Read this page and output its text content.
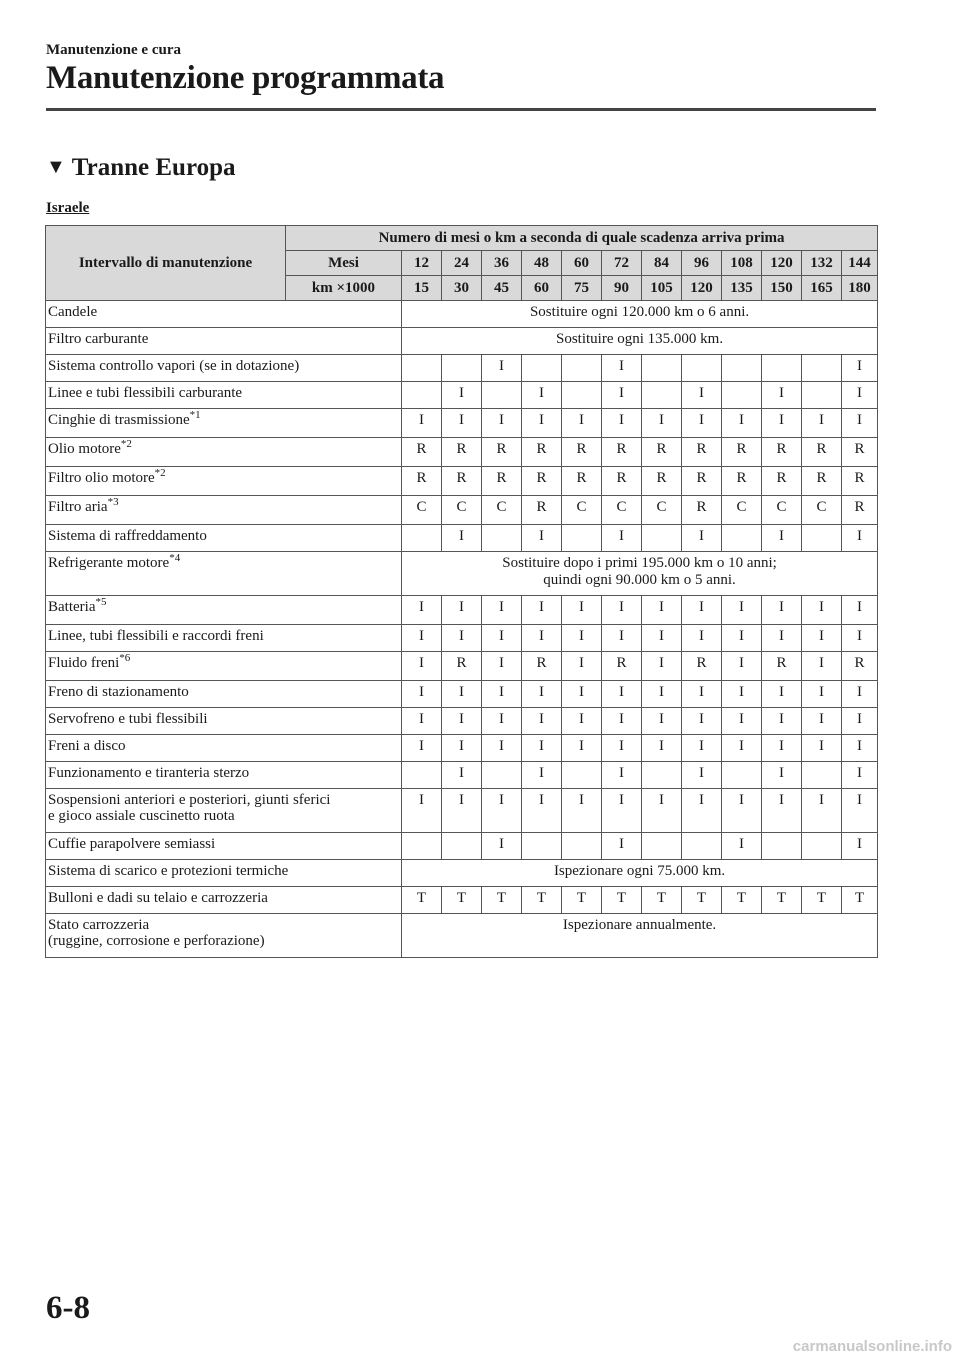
Manutenzione e cura
Manutenzione programmata
▼ Tranne Europa
Israele
Intervallo di manutenzione	Numero di mesi o km a seconda di quale scadenza arriva prima												
	Mesi	12	24	36	48	60	72	84	96	108	120	132	144
	km ×1000	15	30	45	60	75	90	105	120	135	150	165	180
Candele		Sostituire ogni 120.000 km o 6 anni.											
Filtro carburante		Sostituire ogni 135.000 km.											
Sistema controllo vapori (se in dotazione)				I			I						I
Linee e tubi flessibili carburante			I		I		I		I		I		I
Cinghie di trasmissione$^{*1}$		I	I	I	I	I	I	I	I	I	I	I	I
Olio motore$^{*2}$		R	R	R	R	R	R	R	R	R	R	R	R
Filtro olio motore$^{*2}$		R	R	R	R	R	R	R	R	R	R	R	R
Filtro aria$^{*3}$		C	C	C	R	C	C	C	R	C	C	C	R
Sistema di raffreddamento			I		I		I		I		I		I
Refrigerante motore$^{*4}$		Sostituire dopo i primi 195.000 km o 10 anni;
quindi ogni 90.000 km o 5 anni.											
Batteria$^{*5}$		I	I	I	I	I	I	I	I	I	I	I	I
Linee, tubi flessibili e raccordi freni		I	I	I	I	I	I	I	I	I	I	I	I
Fluido freni$^{*6}$		I	R	I	R	I	R	I	R	I	R	I	R
Freno di stazionamento		I	I	I	I	I	I	I	I	I	I	I	I
Servofreno e tubi flessibili		I	I	I	I	I	I	I	I	I	I	I	I
Freni a disco		I	I	I	I	I	I	I	I	I	I	I	I
Funzionamento e tiranteria sterzo			I		I		I		I		I		I
Sospensioni anteriori e posteriori, giunti sferici
e gioco assiale cuscinetto ruota		I	I	I	I	I	I	I	I	I	I	I	I
Cuffie parapolvere semiassi				I			I			I			I
Sistema di scarico e protezioni termiche		Ispezionare ogni 75.000 km.											
Bulloni e dadi su telaio e carrozzeria		T	T	T	T	T	T	T	T	T	T	T	T
Stato carrozzeria
(ruggine, corrosione e perforazione)		Ispezionare annualmente.											
6-8
carmanualsonline.info
